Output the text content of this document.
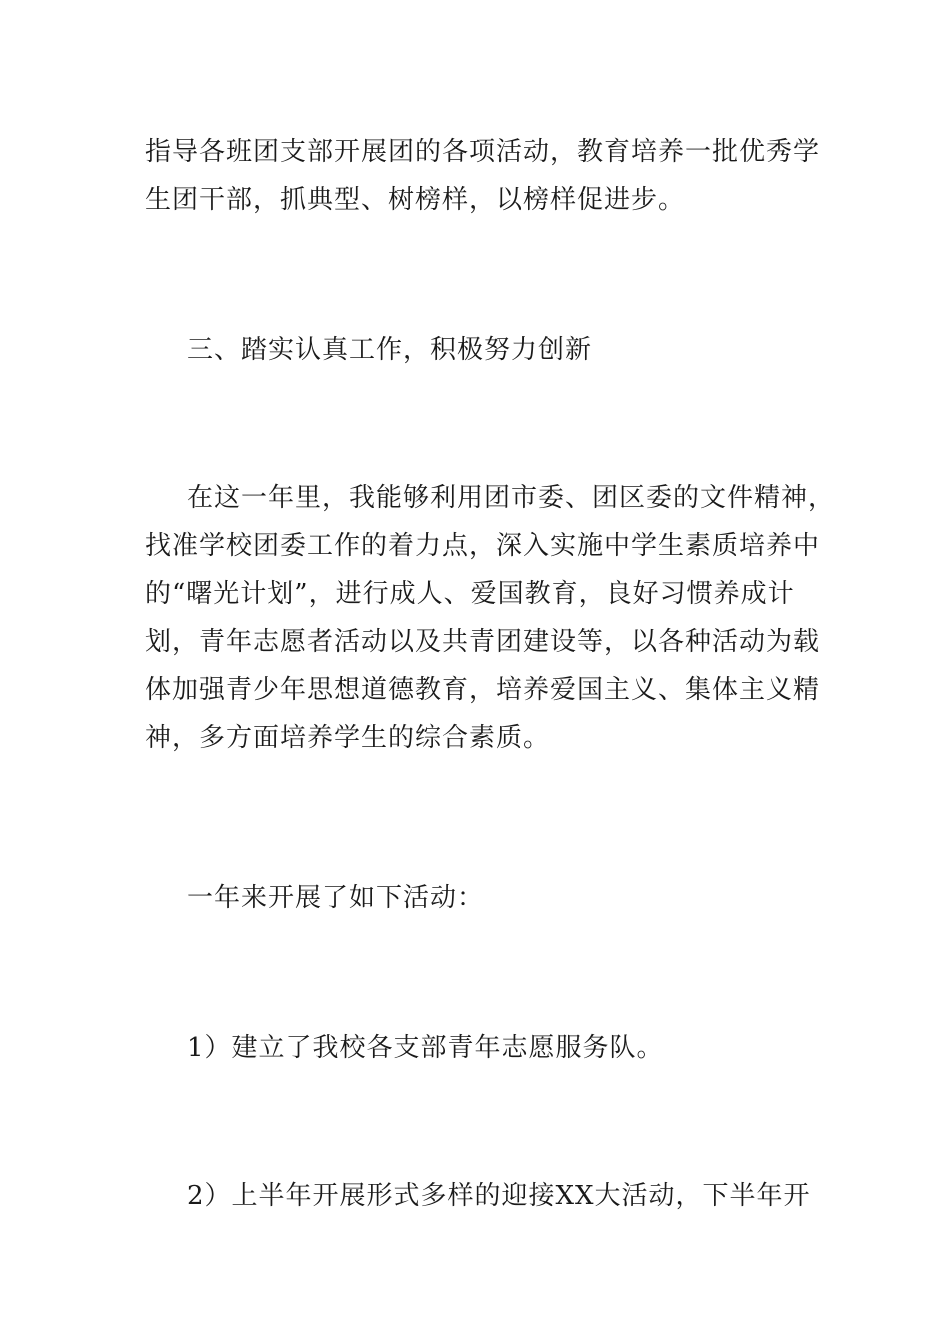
指导各班团支部开展团的各项活动，教育培养一批优秀学
生团干部，抓典型、树榜样，以榜样促进步。

三、踏实认真工作，积极努力创新

在这一年里，我能够利用团市委、团区委的文件精神，
找准学校团委工作的着力点，深入实施中学生素质培养中
的“曙光计划”，进行成人、爱国教育，良好习惯养成计
划，青年志愿者活动以及共青团建设等，以各种活动为载
体加强青少年思想道德教育，培养爱国主义、集体主义精
神，多方面培养学生的综合素质。

一年来开展了如下活动：

1）建立了我校各支部青年志愿服务队。

2）上半年开展形式多样的迎接XX大活动，下半年开
